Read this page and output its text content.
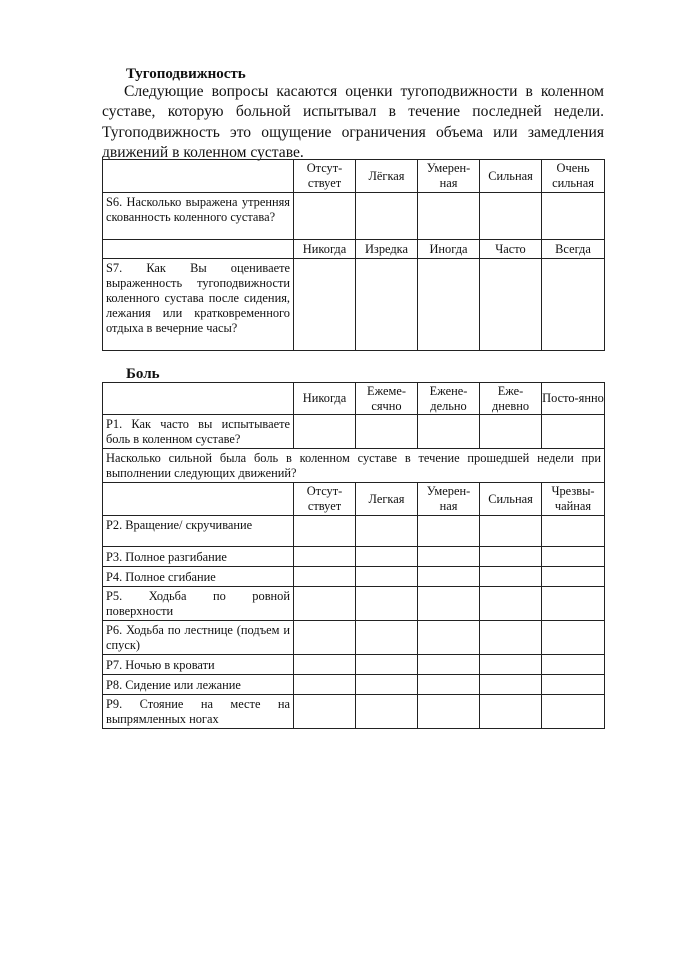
Тугоподвижность

Следующие вопросы касаются оценки тугоподвижности в коленном суставе, которую больной испытывал в течение последней недели. Тугоподвижность это ощущение ограничения объема или замедления движений в коленном суставе.

	Отсут-ствует	Лёгкая	Умерен-ная	Сильная	Очень сильная
S6. Насколько выражена утренняя скованность коленного сустава?					
	Никогда	Изредка	Иногда	Часто	Всегда
S7. Как Вы оцениваете выраженность тугоподвижности коленного сустава после сидения, лежания или кратковременного отдыха в вечерние часы?					
Боль
	Никогда	Ежеме-сячно	Еженe-дельно	Еже-дневно	Посто-янно
P1. Как часто вы испытываете боль в коленном суставе?					
Насколько сильной была боль в коленном суставе в течение прошедшей недели при выполнении следующих движений?					
	Отсут-ствует	Легкая	Умерен-ная	Сильная	Чрезвы-чайная
P2. Вращение/ скручивание					
P3. Полное разгибание					
P4. Полное сгибание					
P5. Ходьба по ровной поверхности					
P6. Ходьба по лестнице (подъем и спуск)					
P7. Ночью в кровати					
P8. Сидение или лежание					
P9. Стояние на месте на выпрямленных ногах					
